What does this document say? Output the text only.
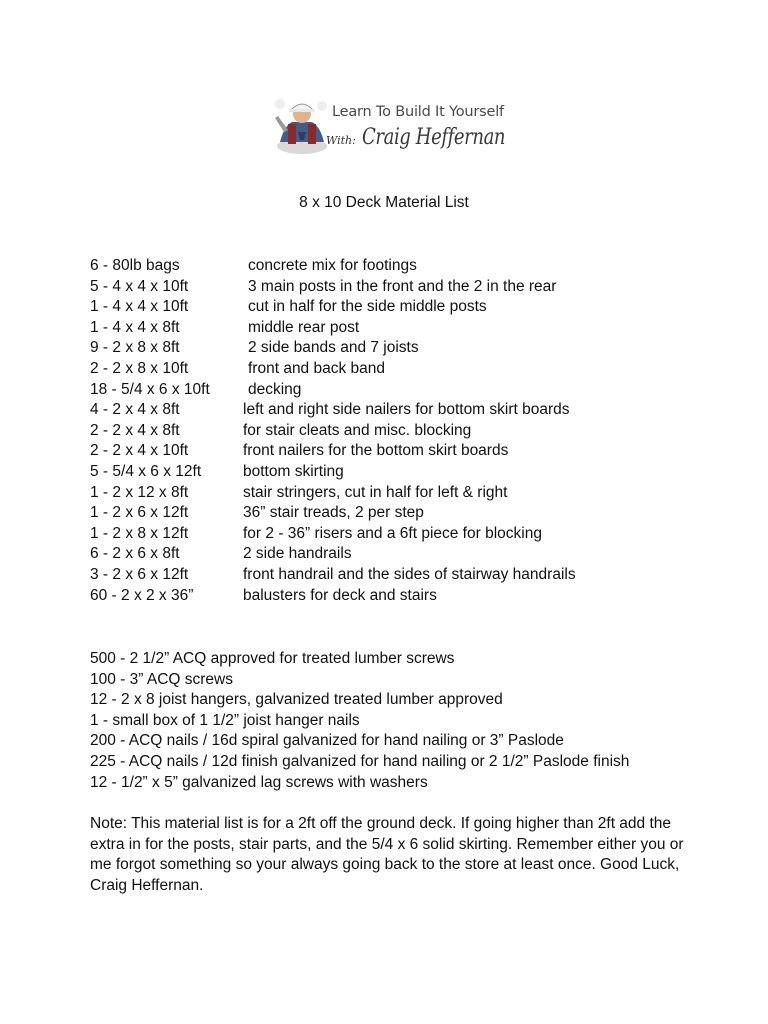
Learn To Build It Yourself
With: Craig Heffernan
8 x 10 Deck Material List
6 - 80lb bags	concrete mix for footings
5 - 4 x 4 x 10ft	3 main posts in the front and the 2 in the rear
1 - 4 x 4 x 10ft	cut in half for the side middle posts
1 - 4 x 4 x 8ft	middle rear post
9 - 2 x 8 x 8ft	2 side bands and 7 joists
2 - 2 x 8 x 10ft	front and back band
18 - 5/4 x 6 x 10ft decking
4 - 2 x 4 x 8ft	left and right side nailers for bottom skirt boards
2 - 2 x 4 x 8ft	for stair cleats and misc. blocking
2 - 2 x 4 x 10ft	front nailers for the bottom skirt boards
5 - 5/4 x 6 x 12ft	bottom skirting
1 - 2 x 12 x 8ft	stair stringers, cut in half for left & right
1 - 2 x 6 x 12ft	36” stair treads, 2 per step
1 - 2 x 8 x 12ft	for 2 - 36” risers and a 6ft piece for blocking
6 - 2 x 6 x 8ft	2 side handrails
3 - 2 x 6 x 12ft	front handrail and the sides of stairway handrails
60 - 2 x 2 x 36”	balusters for deck and stairs
500 - 2 1/2” ACQ approved for treated lumber screws
100 - 3” ACQ screws
12 - 2 x 8 joist hangers, galvanized treated lumber approved
1 - small box of 1 1/2” joist hanger nails
200 - ACQ nails / 16d spiral galvanized for hand nailing or 3” Paslode
225 - ACQ nails / 12d finish galvanized for hand nailing or 2 1/2” Paslode finish
12 - 1/2” x 5” galvanized lag screws with washers

Note: This material list is for a 2ft off the ground deck. If going higher than 2ft add the extra in for the posts, stair parts, and the 5/4 x 6 solid skirting. Remember either you or me forgot something so your always going back to the store at least once. Good Luck, Craig Heffernan.
